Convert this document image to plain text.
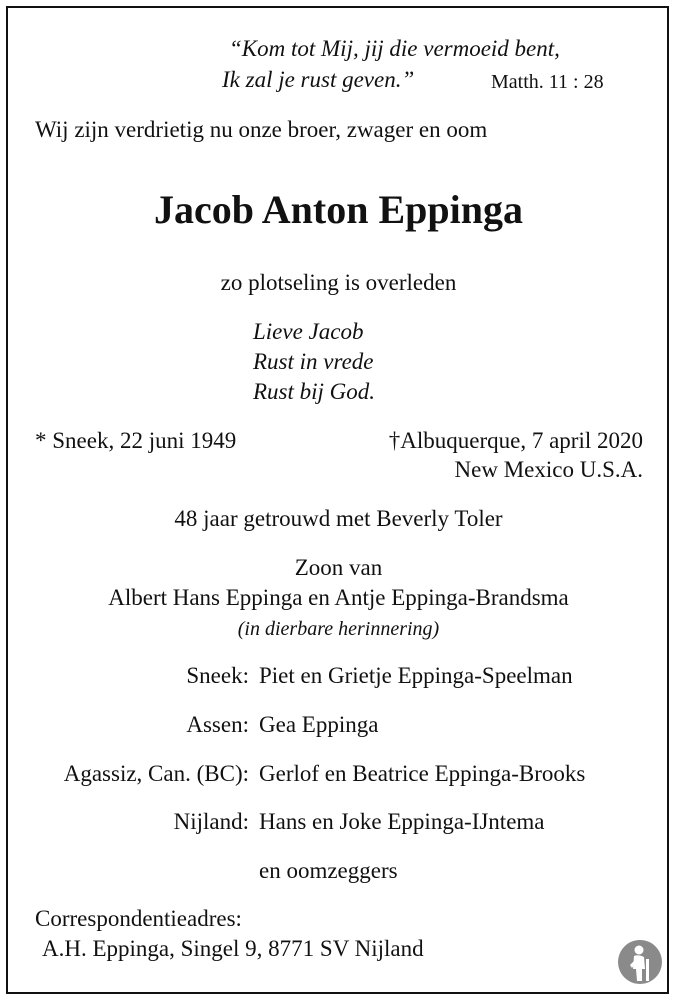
“Kom tot Mij, jij die vermoeid bent,
Ik zal je rust geven.”	Matth. 11 : 28
Wij zijn verdrietig nu onze broer, zwager en oom
Jacob Anton Eppinga
zo plotseling is overleden
Lieve Jacob
Rust in vrede
Rust bij God.
* Sneek, 22 juni 1949	†Albuquerque, 7 april 2020
New Mexico U.S.A.
48 jaar getrouwd met Beverly Toler
Zoon van
Albert Hans Eppinga en Antje Eppinga-Brandsma
(in dierbare herinnering)
Sneek: Piet en Grietje Eppinga-Speelman
Assen: Gea Eppinga
Agassiz, Can. (BC): Gerlof en Beatrice Eppinga-Brooks
Nijland: Hans en Joke Eppinga-IJntema
en oomzeggers
Correspondentieadres:
A.H. Eppinga, Singel 9, 8771 SV Nijland
